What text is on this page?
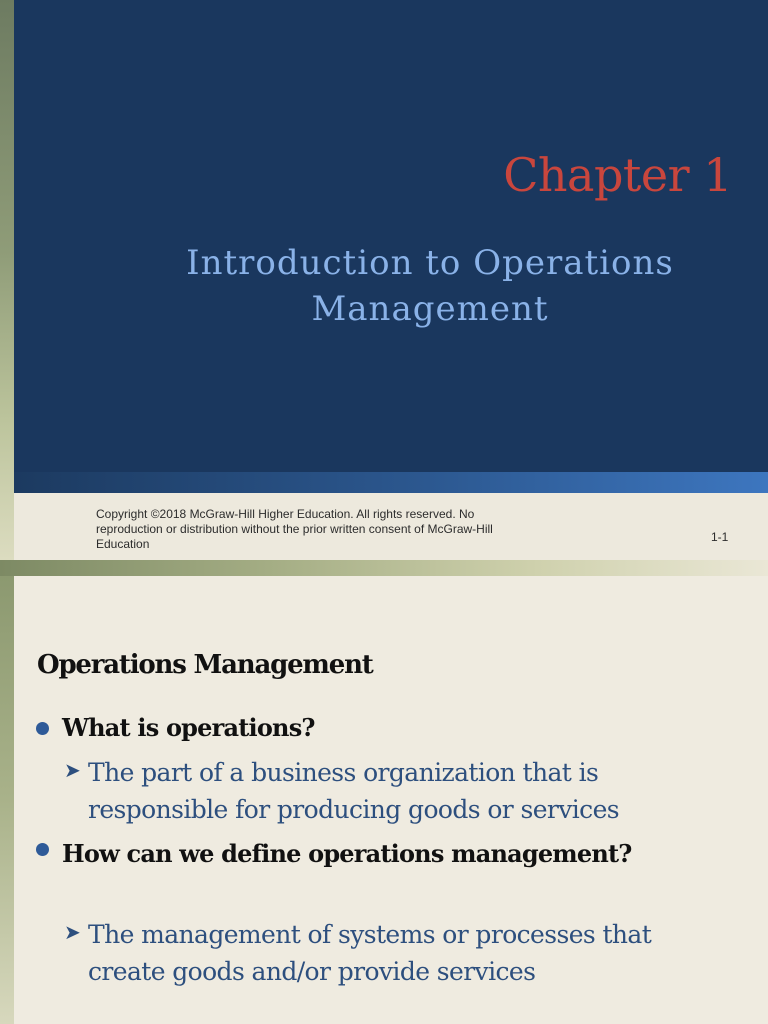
Chapter 1
Introduction to Operations
Management

Copyright ©2018 McGraw-Hill Higher Education. All rights reserved. No reproduction or distribution without the prior written consent of McGraw-Hill Education	1-1

Operations Management

What is operations?

➤ The part of a business organization that is responsible for producing goods or services

How can we define operations management?

➤ The management of systems or processes that create goods and/or provide services
